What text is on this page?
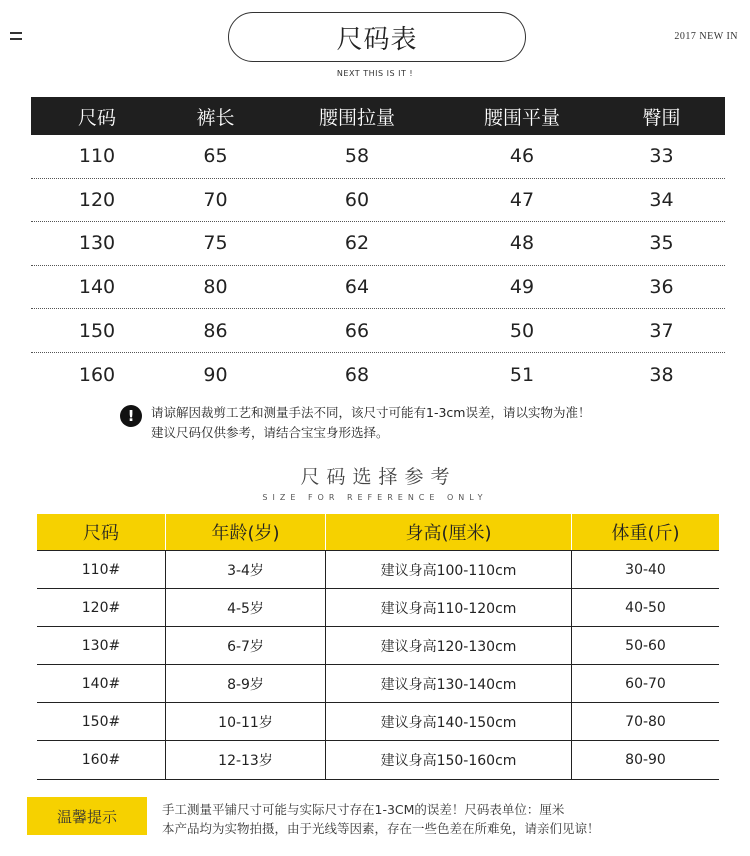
尺码表	2017 NEW IN
NEXT THIS IS IT !
尺码	裤长	腰围拉量	腰围平量	臀围
110	65	58	46	33
120	70	60	47	34
130	75	62	48	35
140	80	64	49	36
150	86	66	50	37
160	90	68	51	38
!	请谅解因裁剪工艺和测量手法不同，该尺寸可能有1-3cm误差，请以实物为准！
建议尺码仅供参考，请结合宝宝身形选择。
尺码选择参考
SIZE FOR REFERENCE ONLY
尺码	年龄(岁)	身高(厘米)	体重(斤)
110#	3-4岁	建议身高100-110cm	30-40
120#	4-5岁	建议身高110-120cm	40-50
130#	6-7岁	建议身高120-130cm	50-60
140#	8-9岁	建议身高130-140cm	60-70
150#	10-11岁	建议身高140-150cm	70-80
160#	12-13岁	建议身高150-160cm	80-90
温馨提示	手工测量平铺尺寸可能与实际尺寸存在1-3CM的误差！尺码表单位：厘米
本产品均为实物拍摄，由于光线等因素，存在一些色差在所难免，请亲们见谅！
